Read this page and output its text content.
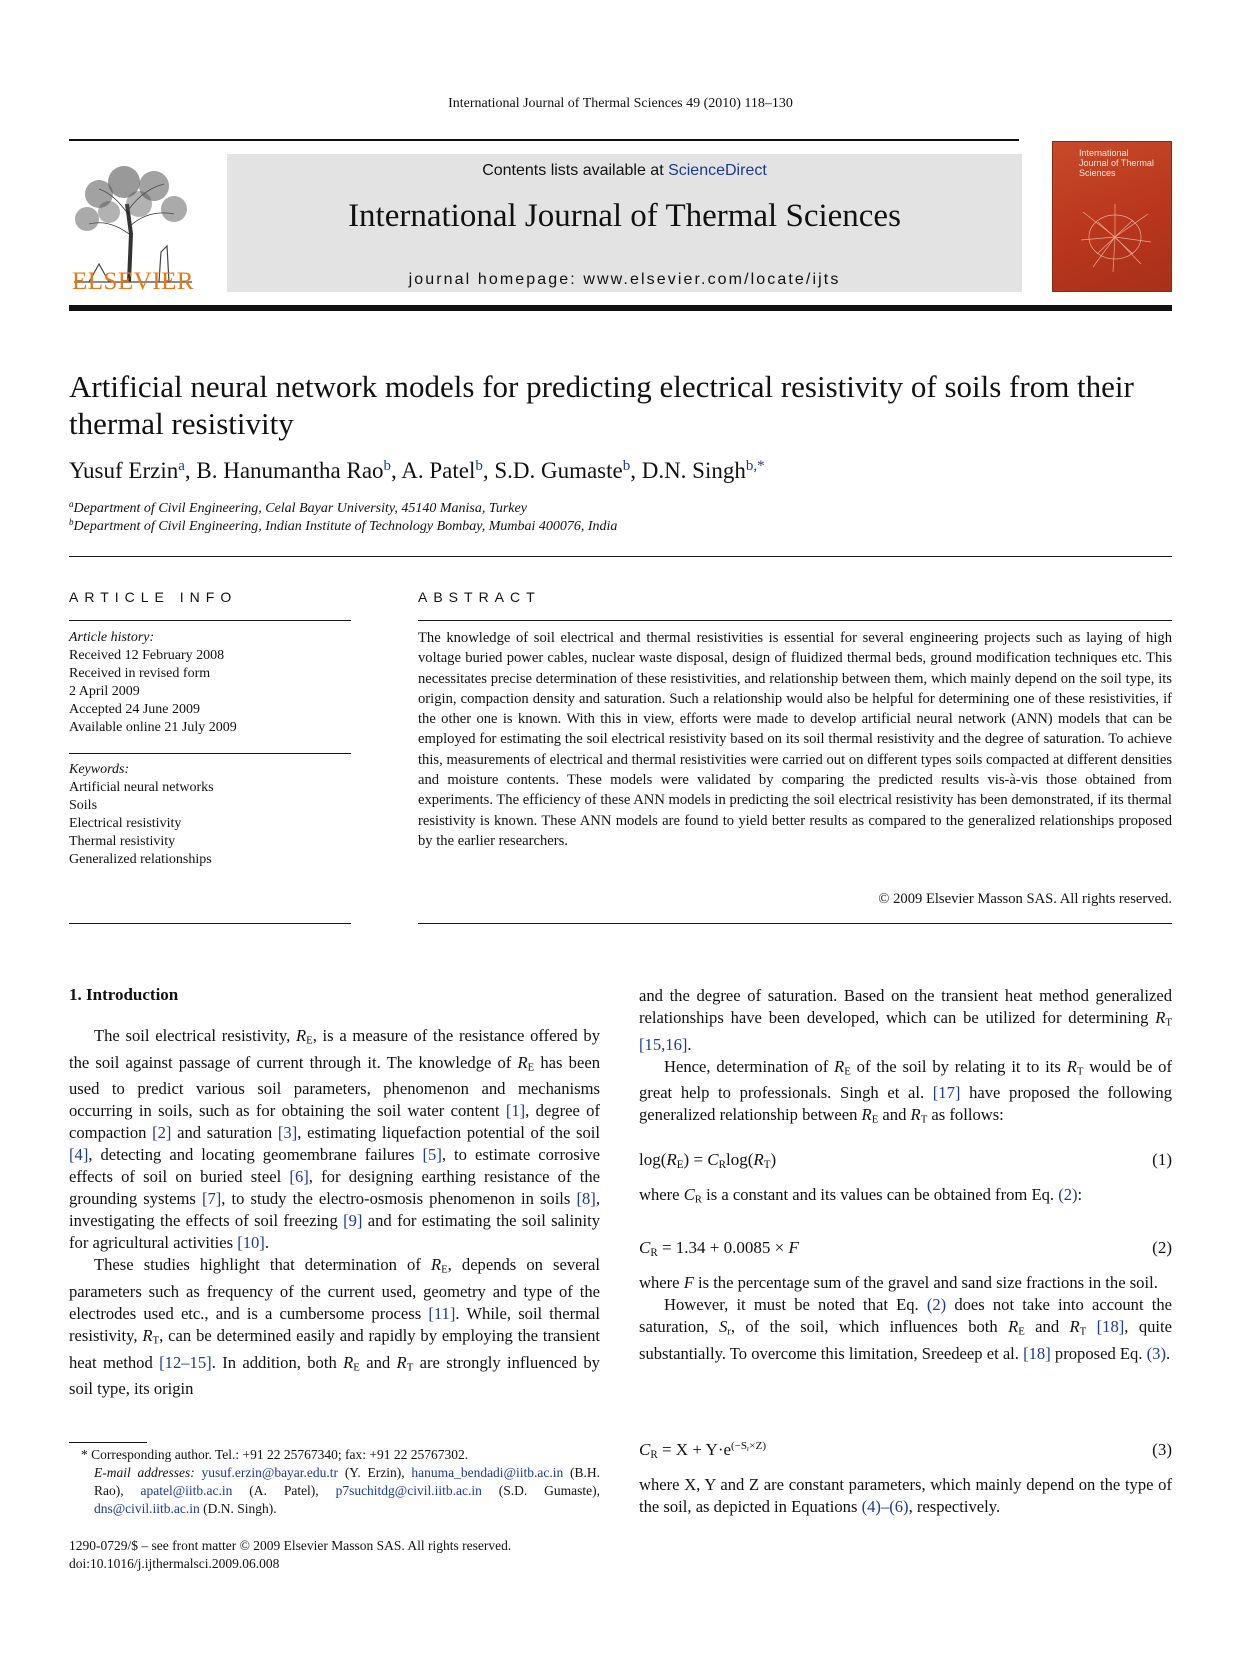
International Journal of Thermal Sciences 49 (2010) 118–130
ELSEVIER
Contents lists available at ScienceDirect
International Journal of Thermal Sciences
journal homepage: www.elsevier.com/locate/ijts
International Journal of Thermal Sciences
Artificial neural network models for predicting electrical resistivity of soils from their thermal resistivity
Yusuf Erzin$^a$, B. Hanumantha Rao$^b$, A. Patel$^b$, S.D. Gumaste$^b$, D.N. Singh$^{b,*}$
$^a$Department of Civil Engineering, Celal Bayar University, 45140 Manisa, Turkey
$^b$Department of Civil Engineering, Indian Institute of Technology Bombay, Mumbai 400076, India
ARTICLE INFO	ABSTRACT
Article history:
Received 12 February 2008
Received in revised form
2 April 2009
Accepted 24 June 2009
Available online 21 July 2009
Keywords:
Artificial neural networks
Soils
Electrical resistivity
Thermal resistivity
Generalized relationships
The knowledge of soil electrical and thermal resistivities is essential for several engineering projects such as laying of high voltage buried power cables, nuclear waste disposal, design of fluidized thermal beds, ground modification techniques etc. This necessitates precise determination of these resistivities, and relationship between them, which mainly depend on the soil type, its origin, compaction density and saturation. Such a relationship would also be helpful for determining one of these resistivities, if the other one is known. With this in view, efforts were made to develop artificial neural network (ANN) models that can be employed for estimating the soil electrical resistivity based on its soil thermal resistivity and the degree of saturation. To achieve this, measurements of electrical and thermal resistivities were carried out on different types soils compacted at different densities and moisture contents. These models were validated by comparing the predicted results vis-à-vis those obtained from experiments. The efficiency of these ANN models in predicting the soil electrical resistivity has been demonstrated, if its thermal resistivity is known. These ANN models are found to yield better results as compared to the generalized relationships proposed by the earlier researchers.
© 2009 Elsevier Masson SAS. All rights reserved.
1. Introduction

The soil electrical resistivity, $R_E$, is a measure of the resistance offered by the soil against passage of current through it. The knowledge of $R_E$ has been used to predict various soil parameters, phenomenon and mechanisms occurring in soils, such as for obtaining the soil water content [1], degree of compaction [2] and saturation [3], estimating liquefaction potential of the soil [4], detecting and locating geomembrane failures [5], to estimate corrosive effects of soil on buried steel [6], for designing earthing resistance of the grounding systems [7], to study the electro-osmosis phenomenon in soils [8], investigating the effects of soil freezing [9] and for estimating the soil salinity for agricultural activities [10].

These studies highlight that determination of $R_E$, depends on several parameters such as frequency of the current used, geometry and type of the electrodes used etc., and is a cumbersome process [11]. While, soil thermal resistivity, $R_T$, can be determined easily and rapidly by employing the transient heat method [12–15]. In addition, both $R_E$ and $R_T$ are strongly influenced by soil type, its origin

and the degree of saturation. Based on the transient heat method generalized relationships have been developed, which can be utilized for determining $R_T$ [15,16].

Hence, determination of $R_E$ of the soil by relating it to its $R_T$ would be of great help to professionals. Singh et al. [17] have proposed the following generalized relationship between $R_E$ and $R_T$ as follows:

$\log(R_E) = C_R\log(R_T)$	(1)

where $C_R$ is a constant and its values can be obtained from Eq. (2):

$C_R = 1.34 + 0.0085 \times F$	(2)

where F is the percentage sum of the gravel and sand size fractions in the soil.

However, it must be noted that Eq. (2) does not take into account the saturation, $S_r$, of the soil, which influences both $R_E$ and $R_T$ [18], quite substantially. To overcome this limitation, Sreedeep et al. [18] proposed Eq. (3).

$C_R = X + Y\cdot e^{(-S_r\times Z)}$	(3)

where X, Y and Z are constant parameters, which mainly depend on the type of the soil, as depicted in Equations (4)–(6), respectively.

* Corresponding author. Tel.: +91 22 25767340; fax: +91 22 25767302.
E-mail addresses: yusuf.erzin@bayar.edu.tr (Y. Erzin), hanuma_bendadi@iitb.ac.in (B.H. Rao), apatel@iitb.ac.in (A. Patel), p7suchitdg@civil.iitb.ac.in (S.D. Gumaste), dns@civil.iitb.ac.in (D.N. Singh).
1290-0729/$ – see front matter © 2009 Elsevier Masson SAS. All rights reserved.
doi:10.1016/j.ijthermalsci.2009.06.008
